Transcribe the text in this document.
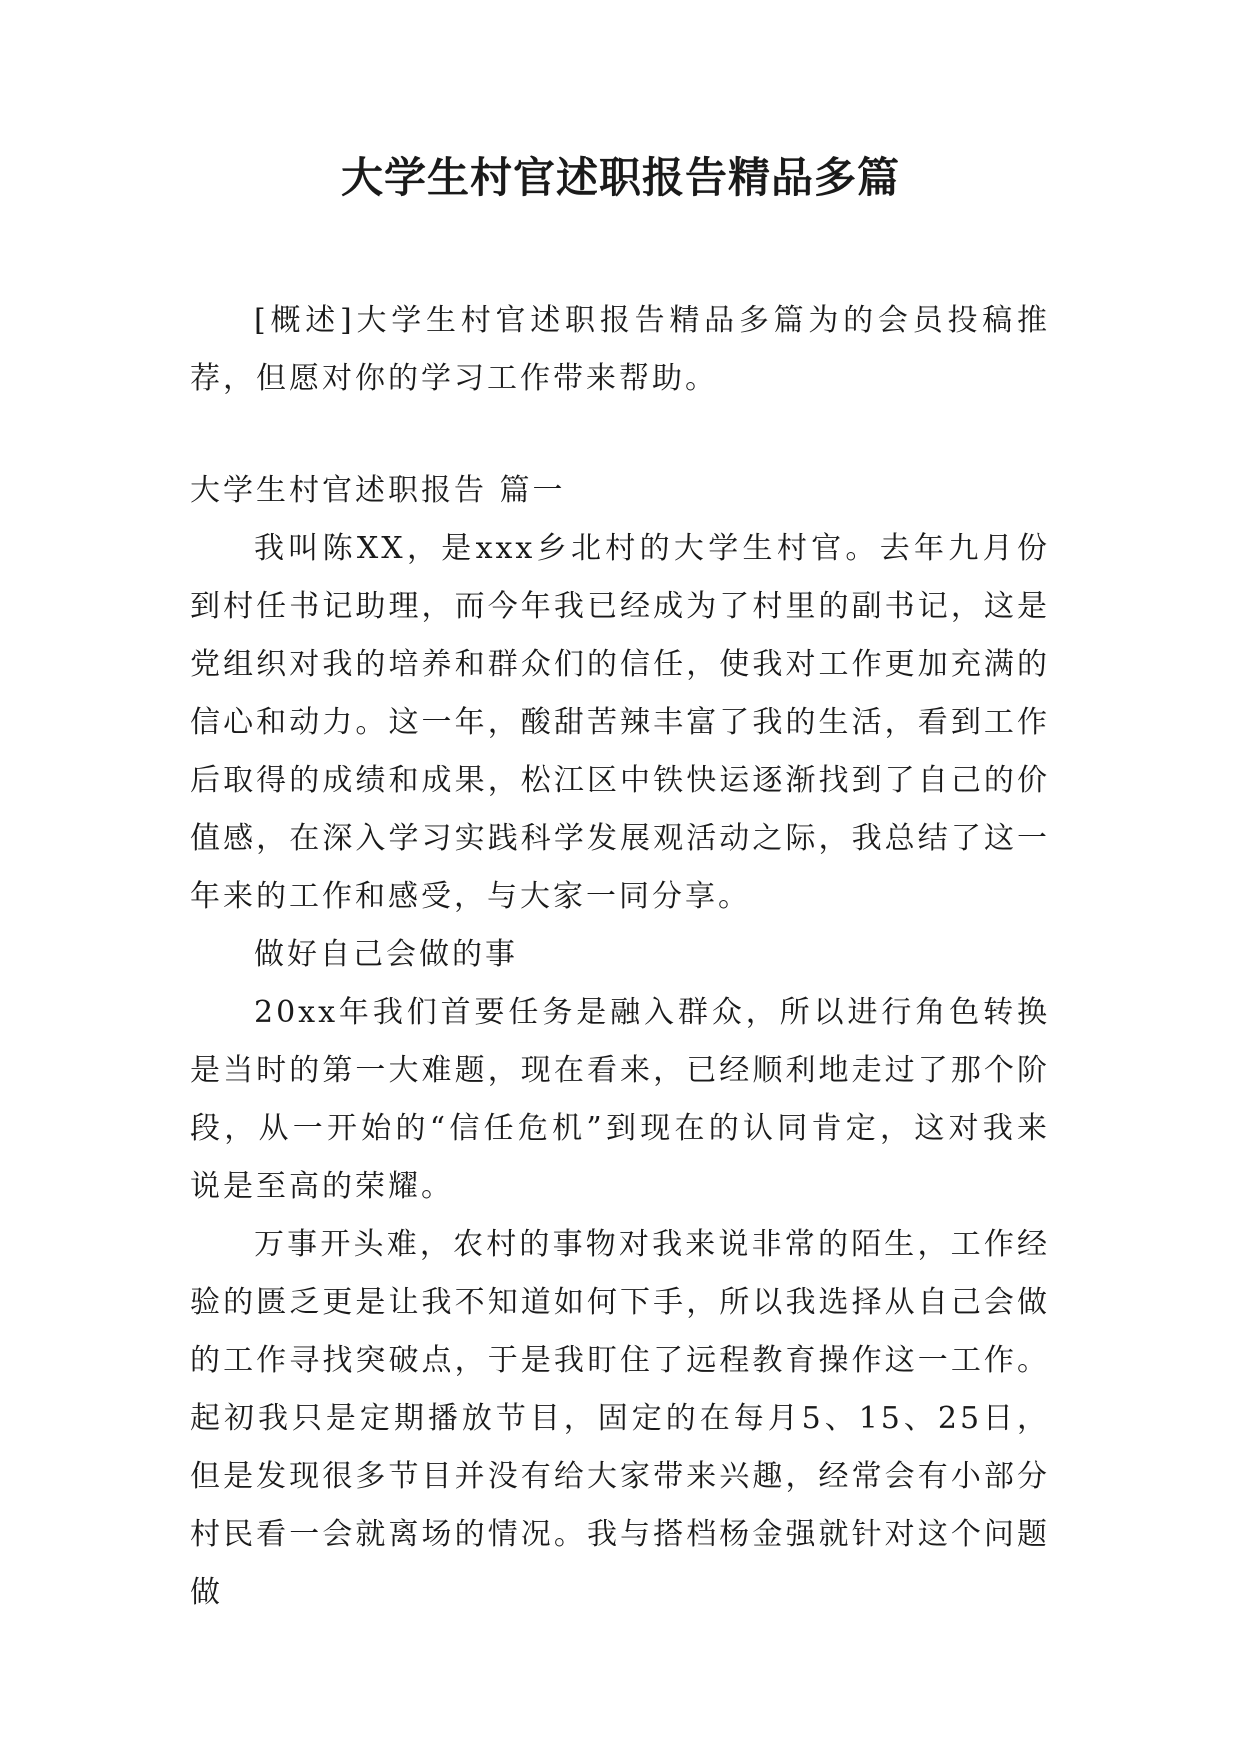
大学生村官述职报告精品多篇

[概述]大学生村官述职报告精品多篇为的会员投稿推荐，但愿对你的学习工作带来帮助。

大学生村官述职报告 篇一

我叫陈XX，是xxx乡北村的大学生村官。去年九月份到村任书记助理，而今年我已经成为了村里的副书记，这是党组织对我的培养和群众们的信任，使我对工作更加充满的信心和动力。这一年，酸甜苦辣丰富了我的生活，看到工作后取得的成绩和成果，松江区中铁快运逐渐找到了自己的价值感，在深入学习实践科学发展观活动之际，我总结了这一年来的工作和感受，与大家一同分享。

做好自己会做的事

20xx年我们首要任务是融入群众，所以进行角色转换是当时的第一大难题，现在看来，已经顺利地走过了那个阶段，从一开始的“信任危机”到现在的认同肯定，这对我来说是至高的荣耀。

万事开头难，农村的事物对我来说非常的陌生，工作经验的匮乏更是让我不知道如何下手，所以我选择从自己会做的工作寻找突破点，于是我盯住了远程教育操作这一工作。起初我只是定期播放节目，固定的在每月5、15、25日，但是发现很多节目并没有给大家带来兴趣，经常会有小部分村民看一会就离场的情况。我与搭档杨金强就针对这个问题做
